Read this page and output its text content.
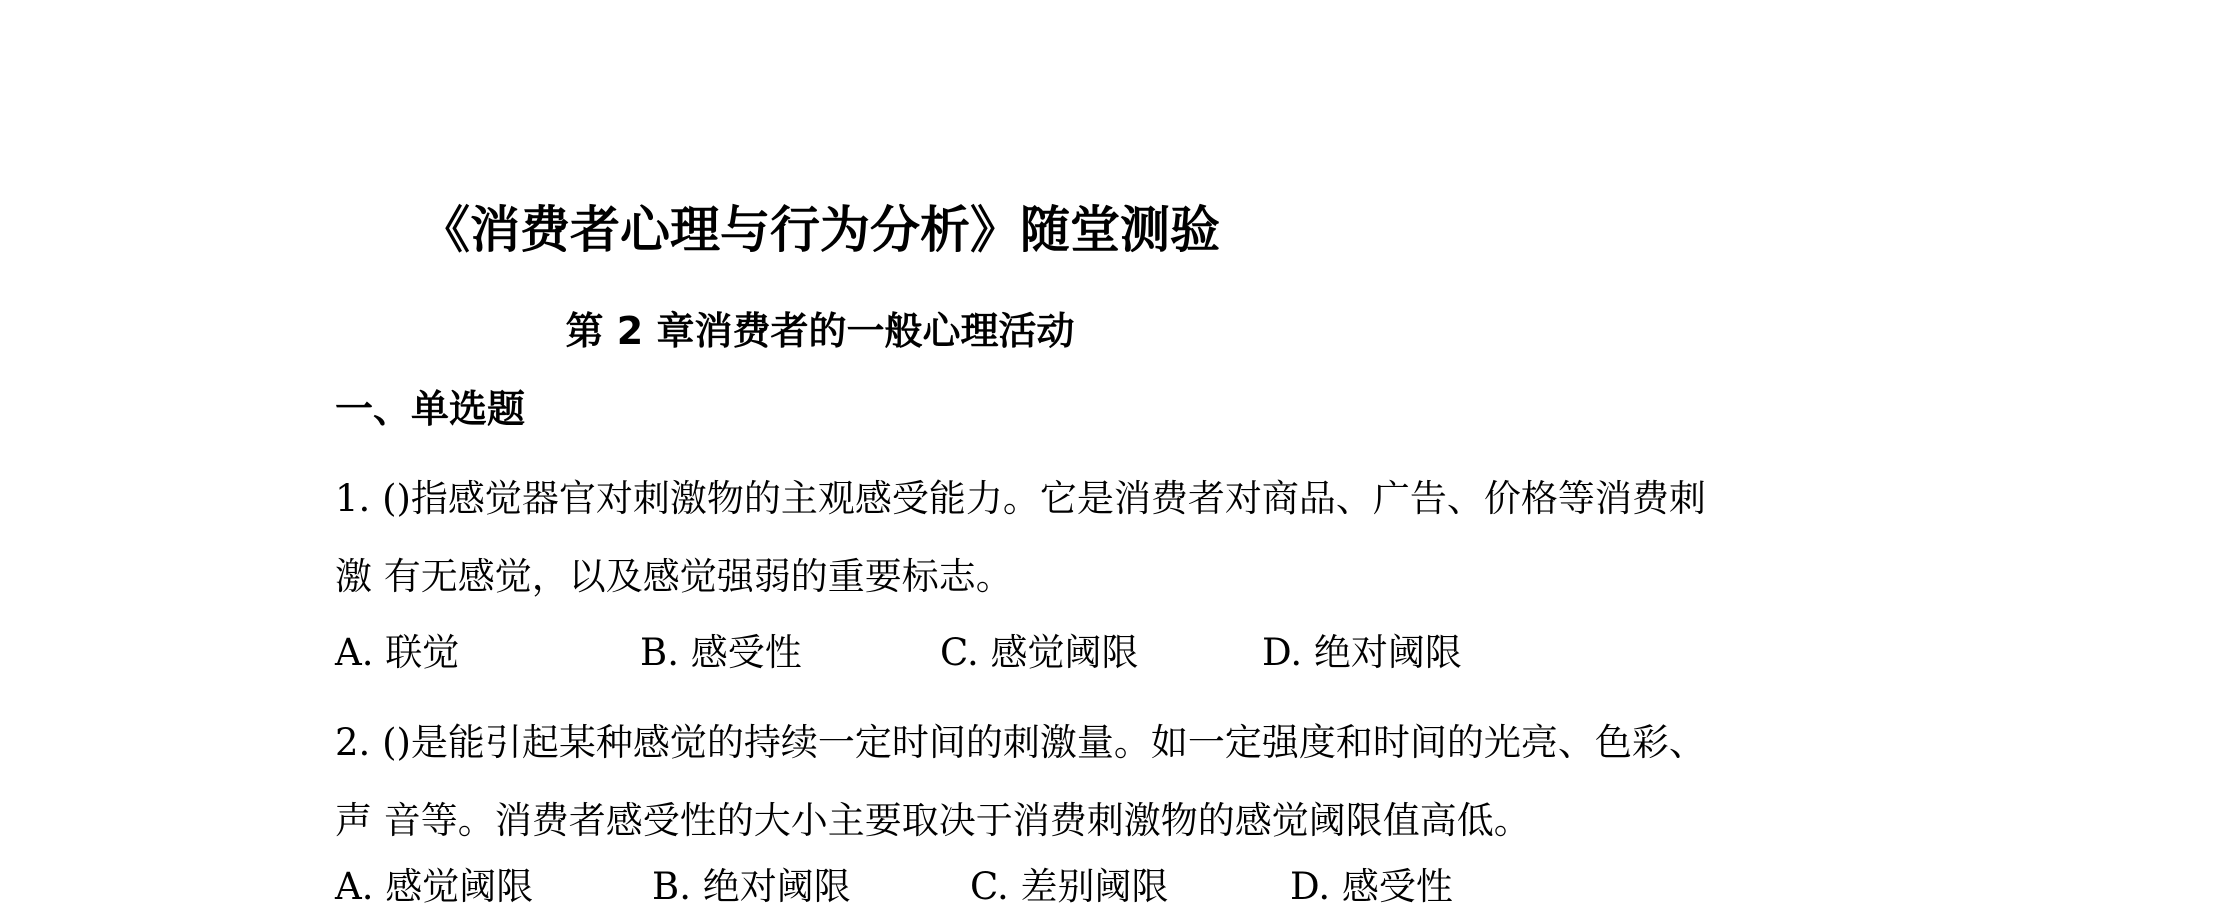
《消费者心理与行为分析》随堂测验
第 2 章消费者的一般心理活动
一、单选题
1. ()指感觉器官对刺激物的主观感受能力。它是消费者对商品、广告、价格等消费刺
激 有无感觉，以及感觉强弱的重要标志。
A. 联觉	B. 感受性	C. 感觉阈限	D. 绝对阈限
2. ()是能引起某种感觉的持续一定时间的刺激量。如一定强度和时间的光亮、色彩、
声 音等。消费者感受性的大小主要取决于消费刺激物的感觉阈限值高低。
A. 感觉阈限	B. 绝对阈限	C. 差别阈限	D. 感受性
